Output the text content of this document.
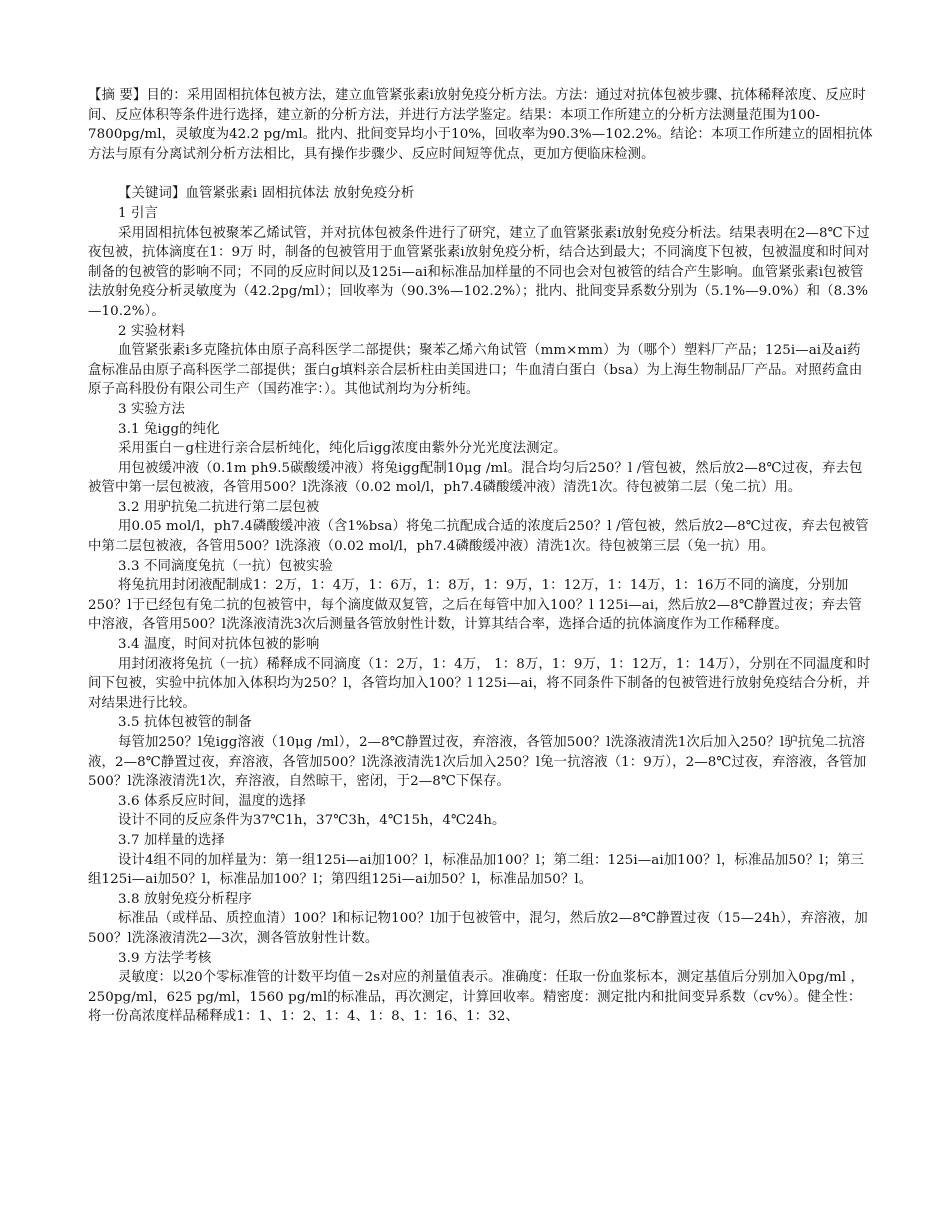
【摘 要】目的：采用固相抗体包被方法，建立血管紧张素ⅰ放射免疫分析方法。方法：通过对抗体包被步骤、抗体稀释浓度、反应时间、反应体积等条件进行选择，建立新的分析方法，并进行方法学鉴定。结果：本项工作所建立的分析方法测量范围为100-7800pg/ml，灵敏度为42.2 pg/ml。批内、批间变异均小于10%，回收率为90.3%—102.2%。结论：本项工作所建立的固相抗体方法与原有分离试剂分析方法相比，具有操作步骤少、反应时间短等优点，更加方便临床检测。

【关键词】血管紧张素ⅰ 固相抗体法 放射免疫分析

1 引言

采用固相抗体包被聚苯乙烯试管，并对抗体包被条件进行了研究，建立了血管紧张素ⅰ放射免疫分析法。结果表明在2—8℃下过夜包被，抗体滴度在1：9万 时，制备的包被管用于血管紧张素ⅰ放射免疫分析，结合达到最大；不同滴度下包被，包被温度和时间对制备的包被管的影响不同；不同的反应时间以及125i—ai和标准品加样量的不同也会对包被管的结合产生影响。血管紧张素ⅰ包被管法放射免疫分析灵敏度为（42.2pg/ml）；回收率为（90.3%—102.2%）；批内、批间变异系数分别为（5.1%—9.0%）和（8.3%—10.2%）。

2 实验材料

血管紧张素ⅰ多克隆抗体由原子高科医学二部提供；聚苯乙烯六角试管（mm×mm）为（哪个）塑料厂产品；125i—ai及ai药盒标准品由原子高科医学二部提供；蛋白g填料亲合层析柱由美国进口；牛血清白蛋白（bsa）为上海生物制品厂产品。对照药盒由原子高科股份有限公司生产（国药准字：）。其他试剂均为分析纯。

3 实验方法

3.1 兔igg的纯化

采用蛋白－g柱进行亲合层析纯化，纯化后igg浓度由紫外分光光度法测定。

用包被缓冲液（0.1m ph9.5碳酸缓冲液）将兔igg配制10μg /ml。混合均匀后250？l /管包被，然后放2—8℃过夜，弃去包被管中第一层包被液，各管用500？l洗涤液（0.02 mol/l，ph7.4磷酸缓冲液）清洗1次。待包被第二层（兔二抗）用。

3.2 用驴抗兔二抗进行第二层包被

用0.05 mol/l，ph7.4磷酸缓冲液（含1%bsa）将兔二抗配成合适的浓度后250？l /管包被，然后放2—8℃过夜，弃去包被管中第二层包被液，各管用500？l洗涤液（0.02 mol/l，ph7.4磷酸缓冲液）清洗1次。待包被第三层（兔一抗）用。

3.3 不同滴度兔抗（一抗）包被实验

将兔抗用封闭液配制成1：2万，1：4万，1：6万，1：8万，1：9万，1：12万，1：14万，1：16万不同的滴度，分别加250？l于已经包有兔二抗的包被管中，每个滴度做双复管，之后在每管中加入100？l 125i—ai，然后放2—8℃静置过夜；弃去管中溶液，各管用500？l洗涤液清洗3次后测量各管放射性计数，计算其结合率，选择合适的抗体滴度作为工作稀释度。

3.4 温度，时间对抗体包被的影响

用封闭液将兔抗（一抗）稀释成不同滴度（1：2万，1：4万， 1：8万，1：9万，1：12万，1：14万），分别在不同温度和时间下包被，实验中抗体加入体积均为250？l，各管均加入100？l 125i—ai，将不同条件下制备的包被管进行放射免疫结合分析，并对结果进行比较。

3.5 抗体包被管的制备

每管加250？l兔igg溶液（10μg /ml），2—8℃静置过夜，弃溶液，各管加500？l洗涤液清洗1次后加入250？l驴抗兔二抗溶液，2—8℃静置过夜，弃溶液，各管加500？l洗涤液清洗1次后加入250？l兔一抗溶液（1：9万），2—8℃过夜，弃溶液，各管加500？l洗涤液清洗1次，弃溶液，自然晾干，密闭，于2—8℃下保存。

3.6 体系反应时间，温度的选择

设计不同的反应条件为37℃1h，37℃3h，4℃15h，4℃24h。

3.7 加样量的选择

设计4组不同的加样量为：第一组125i—ai加100？l，标准品加100？l；第二组：125i—ai加100？l，标准品加50？l；第三组125i—ai加50？l，标准品加100？l；第四组125i—ai加50？l，标准品加50？l。

3.8 放射免疫分析程序

标准品（或样品、质控血清）100？l和标记物100？l加于包被管中，混匀，然后放2—8℃静置过夜（15—24h），弃溶液，加500？l洗涤液清洗2—3次，测各管放射性计数。

3.9 方法学考核

灵敏度：以20个零标准管的计数平均值－2s对应的剂量值表示。准确度：任取一份血浆标本，测定基值后分别加入0pg/ml ，250pg/ml，625 pg/ml，1560 pg/ml的标准品，再次测定，计算回收率。精密度：测定批内和批间变异系数（cv%）。健全性：将一份高浓度样品稀释成1：1、1：2、1：4、1：8、1：16、1：32、
